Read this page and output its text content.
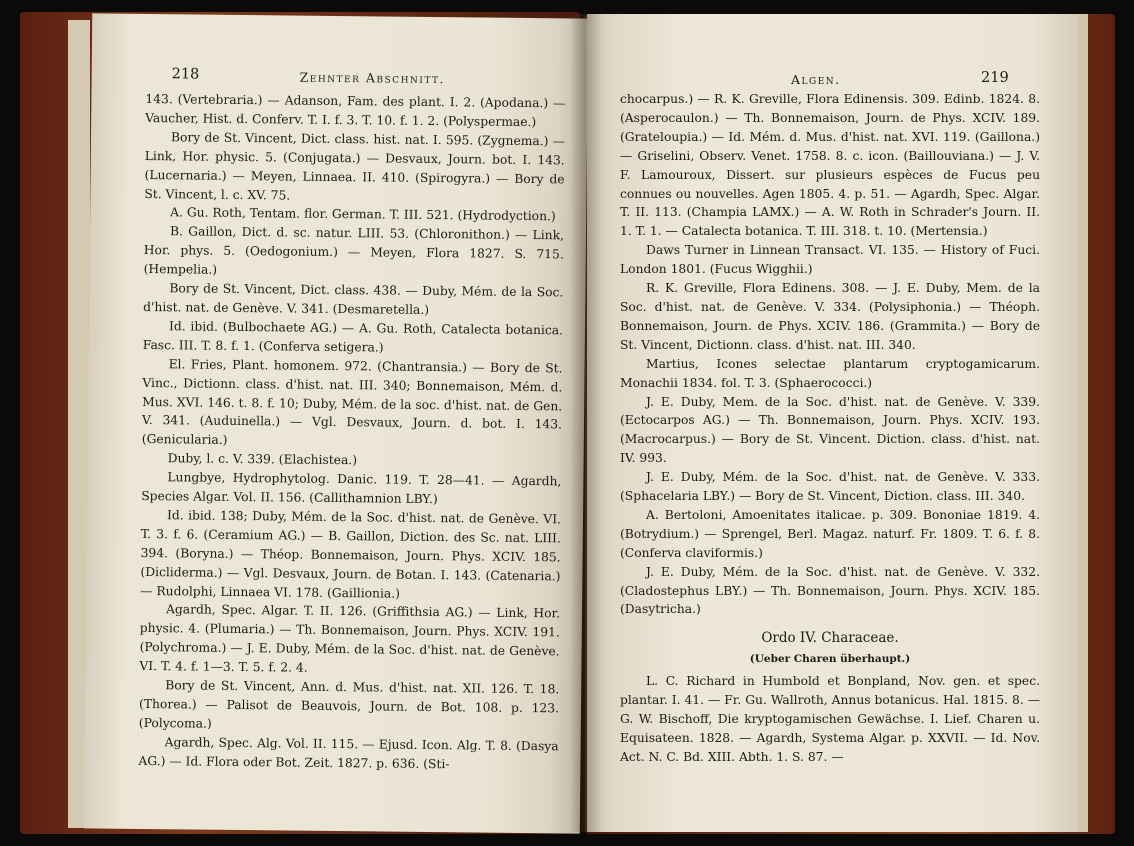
218	Zehnter Abschnitt.

143. (Vertebraria.) — Adanson, Fam. des plant. I. 2. (Apodana.) — Vaucher, Hist. d. Conferv. T. I. f. 3. T. 10. f. 1. 2. (Polyspermae.)

Bory de St. Vincent, Dict. class. hist. nat. I. 595. (Zygnema.) — Link, Hor. physic. 5. (Conjugata.) — Desvaux, Journ. bot. I. 143. (Lucernaria.) — Meyen, Linnaea. II. 410. (Spirogyra.) — Bory de St. Vincent, l. c. XV. 75.

A. Gu. Roth, Tentam. flor. German. T. III. 521. (Hydrodyction.)

B. Gaillon, Dict. d. sc. natur. LIII. 53. (Chloronithon.) — Link, Hor. phys. 5. (Oedogonium.) — Meyen, Flora 1827. S. 715. (Hempelia.)

Bory de St. Vincent, Dict. class. 438. — Duby, Mém. de la Soc. d'hist. nat. de Genève. V. 341. (Desmaretella.)

Id. ibid. (Bulbochaete AG.) — A. Gu. Roth, Catalecta botanica. Fasc. III. T. 8. f. 1. (Conferva setigera.)

El. Fries, Plant. homonem. 972. (Chantransia.) — Bory de St. Vinc., Dictionn. class. d'hist. nat. III. 340; Bonnemaison, Mém. d. Mus. XVI. 146. t. 8. f. 10; Duby, Mém. de la soc. d'hist. nat. de Gen. V. 341. (Auduinella.) — Vgl. Desvaux, Journ. d. bot. I. 143. (Genicularia.)

Duby, l. c. V. 339. (Elachistea.)

Lungbye, Hydrophytolog. Danic. 119. T. 28—41. — Agardh, Species Algar. Vol. II. 156. (Callithamnion LBY.)

Id. ibid. 138; Duby, Mém. de la Soc. d'hist. nat. de Genève. VI. T. 3. f. 6. (Ceramium AG.) — B. Gaillon, Diction. des Sc. nat. LIII. 394. (Boryna.) — Théop. Bonnemaison, Journ. Phys. XCIV. 185. (Dicliderma.) — Vgl. Desvaux, Journ. de Botan. I. 143. (Catenaria.) — Rudolphi, Linnaea VI. 178. (Gaillionia.)

Agardh, Spec. Algar. T. II. 126. (Griffithsia AG.) — Link, Hor. physic. 4. (Plumaria.) — Th. Bonnemaison, Journ. Phys. XCIV. 191. (Polychroma.) — J. E. Duby, Mém. de la Soc. d'hist. nat. de Genève. VI. T. 4. f. 1—3. T. 5. f. 2. 4.

Bory de St. Vincent, Ann. d. Mus. d'hist. nat. XII. 126. T. 18. (Thorea.) — Palisot de Beauvois, Journ. de Bot. 108. p. 123. (Polycoma.)

Agardh, Spec. Alg. Vol. II. 115. — Ejusd. Icon. Alg. T. 8. (Dasya AG.) — Id. Flora oder Bot. Zeit. 1827. p. 636. (Sti-

Algen.	219

chocarpus.) — R. K. Greville, Flora Edinensis. 309. Edinb. 1824. 8. (Asperocaulon.) — Th. Bonnemaison, Journ. de Phys. XCIV. 189. (Grateloupia.) — Id. Mém. d. Mus. d'hist. nat. XVI. 119. (Gaillona.) — Griselini, Observ. Venet. 1758. 8. c. icon. (Baillouviana.) — J. V. F. Lamouroux, Dissert. sur plusieurs espèces de Fucus peu connues ou nouvelles. Agen 1805. 4. p. 51. — Agardh, Spec. Algar. T. II. 113. (Champia LAMX.) — A. W. Roth in Schrader's Journ. II. 1. T. 1. — Catalecta botanica. T. III. 318. t. 10. (Mertensia.)

Daws Turner in Linnean Transact. VI. 135. — History of Fuci. London 1801. (Fucus Wigghii.)

R. K. Greville, Flora Edinens. 308. — J. E. Duby, Mem. de la Soc. d'hist. nat. de Genève. V. 334. (Polysiphonia.) — Théoph. Bonnemaison, Journ. de Phys. XCIV. 186. (Grammita.) — Bory de St. Vincent, Dictionn. class. d'hist. nat. III. 340.

Martius, Icones selectae plantarum cryptogamicarum. Monachii 1834. fol. T. 3. (Sphaerococci.)

J. E. Duby, Mem. de la Soc. d'hist. nat. de Genève. V. 339. (Ectocarpos AG.) — Th. Bonnemaison, Journ. Phys. XCIV. 193. (Macrocarpus.) — Bory de St. Vincent. Diction. class. d'hist. nat. IV. 993.

J. E. Duby, Mém. de la Soc. d'hist. nat. de Genève. V. 333. (Sphacelaria LBY.) — Bory de St. Vincent, Diction. class. III. 340.

A. Bertoloni, Amoenitates italicae. p. 309. Bononiae 1819. 4. (Botrydium.) — Sprengel, Berl. Magaz. naturf. Fr. 1809. T. 6. f. 8. (Conferva claviformis.)

J. E. Duby, Mém. de la Soc. d'hist. nat. de Genève. V. 332. (Cladostephus LBY.) — Th. Bonnemaison, Journ. Phys. XCIV. 185. (Dasytricha.)

Ordo IV. Characeae.

(Ueber Charen überhaupt.)

L. C. Richard in Humbold et Bonpland, Nov. gen. et spec. plantar. I. 41. — Fr. Gu. Wallroth, Annus botanicus. Hal. 1815. 8. — G. W. Bischoff, Die kryptogamischen Gewächse. I. Lief. Charen u. Equisateen. 1828. — Agardh, Systema Algar. p. XXVII. — Id. Nov. Act. N. C. Bd. XIII. Abth. 1. S. 87. —
